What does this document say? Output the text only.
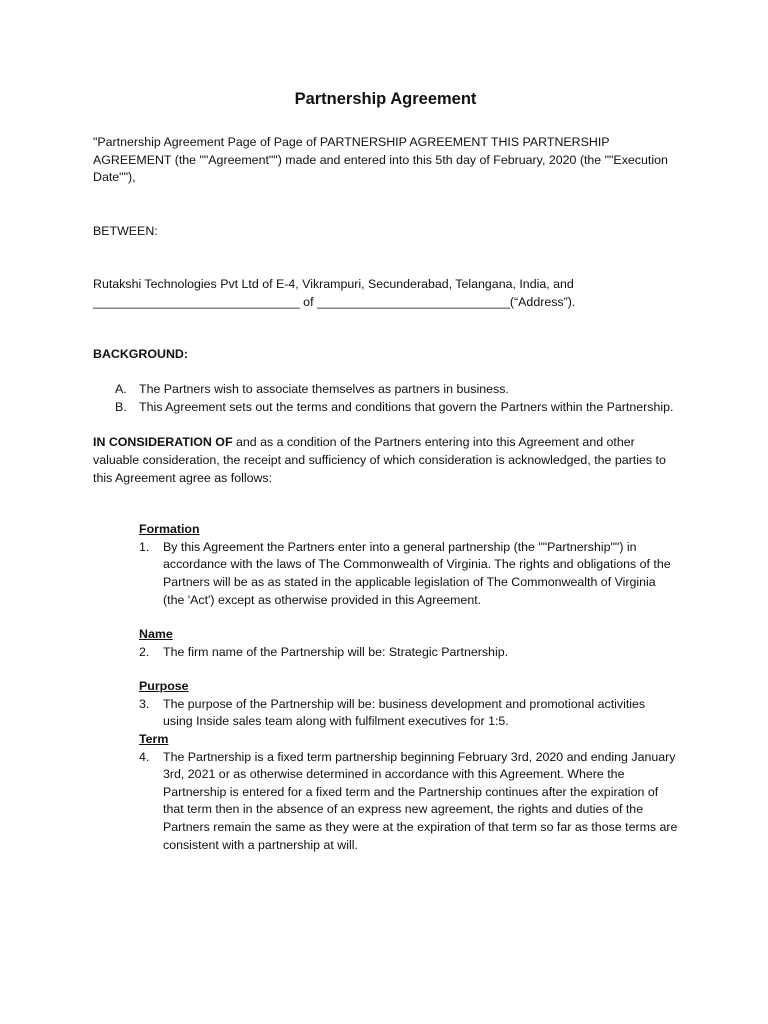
Partnership Agreement

"Partnership Agreement Page of Page of PARTNERSHIP AGREEMENT THIS PARTNERSHIP AGREEMENT (the ""Agreement"") made and entered into this 5th day of February, 2020 (the ""Execution Date""),

BETWEEN:

Rutakshi Technologies Pvt Ltd of E-4, Vikrampuri, Secunderabad, Telangana, India, and ______________________________ of ____________________________(“Address”).

BACKGROUND:

A. The Partners wish to associate themselves as partners in business.
B. This Agreement sets out the terms and conditions that govern the Partners within the Partnership.

IN CONSIDERATION OF and as a condition of the Partners entering into this Agreement and other valuable consideration, the receipt and sufficiency of which consideration is acknowledged, the parties to this Agreement agree as follows:

Formation

1. By this Agreement the Partners enter into a general partnership (the ""Partnership"") in accordance with the laws of The Commonwealth of Virginia. The rights and obligations of the Partners will be as as stated in the applicable legislation of The Commonwealth of Virginia (the 'Act') except as otherwise provided in this Agreement.

Name

2. The firm name of the Partnership will be: Strategic Partnership.

Purpose

3. The purpose of the Partnership will be: business development and promotional activities using Inside sales team along with fulfilment executives for 1:5.

Term

4. The Partnership is a fixed term partnership beginning February 3rd, 2020 and ending January 3rd, 2021 or as otherwise determined in accordance with this Agreement. Where the Partnership is entered for a fixed term and the Partnership continues after the expiration of that term then in the absence of an express new agreement, the rights and duties of the Partners remain the same as they were at the expiration of that term so far as those terms are consistent with a partnership at will.
